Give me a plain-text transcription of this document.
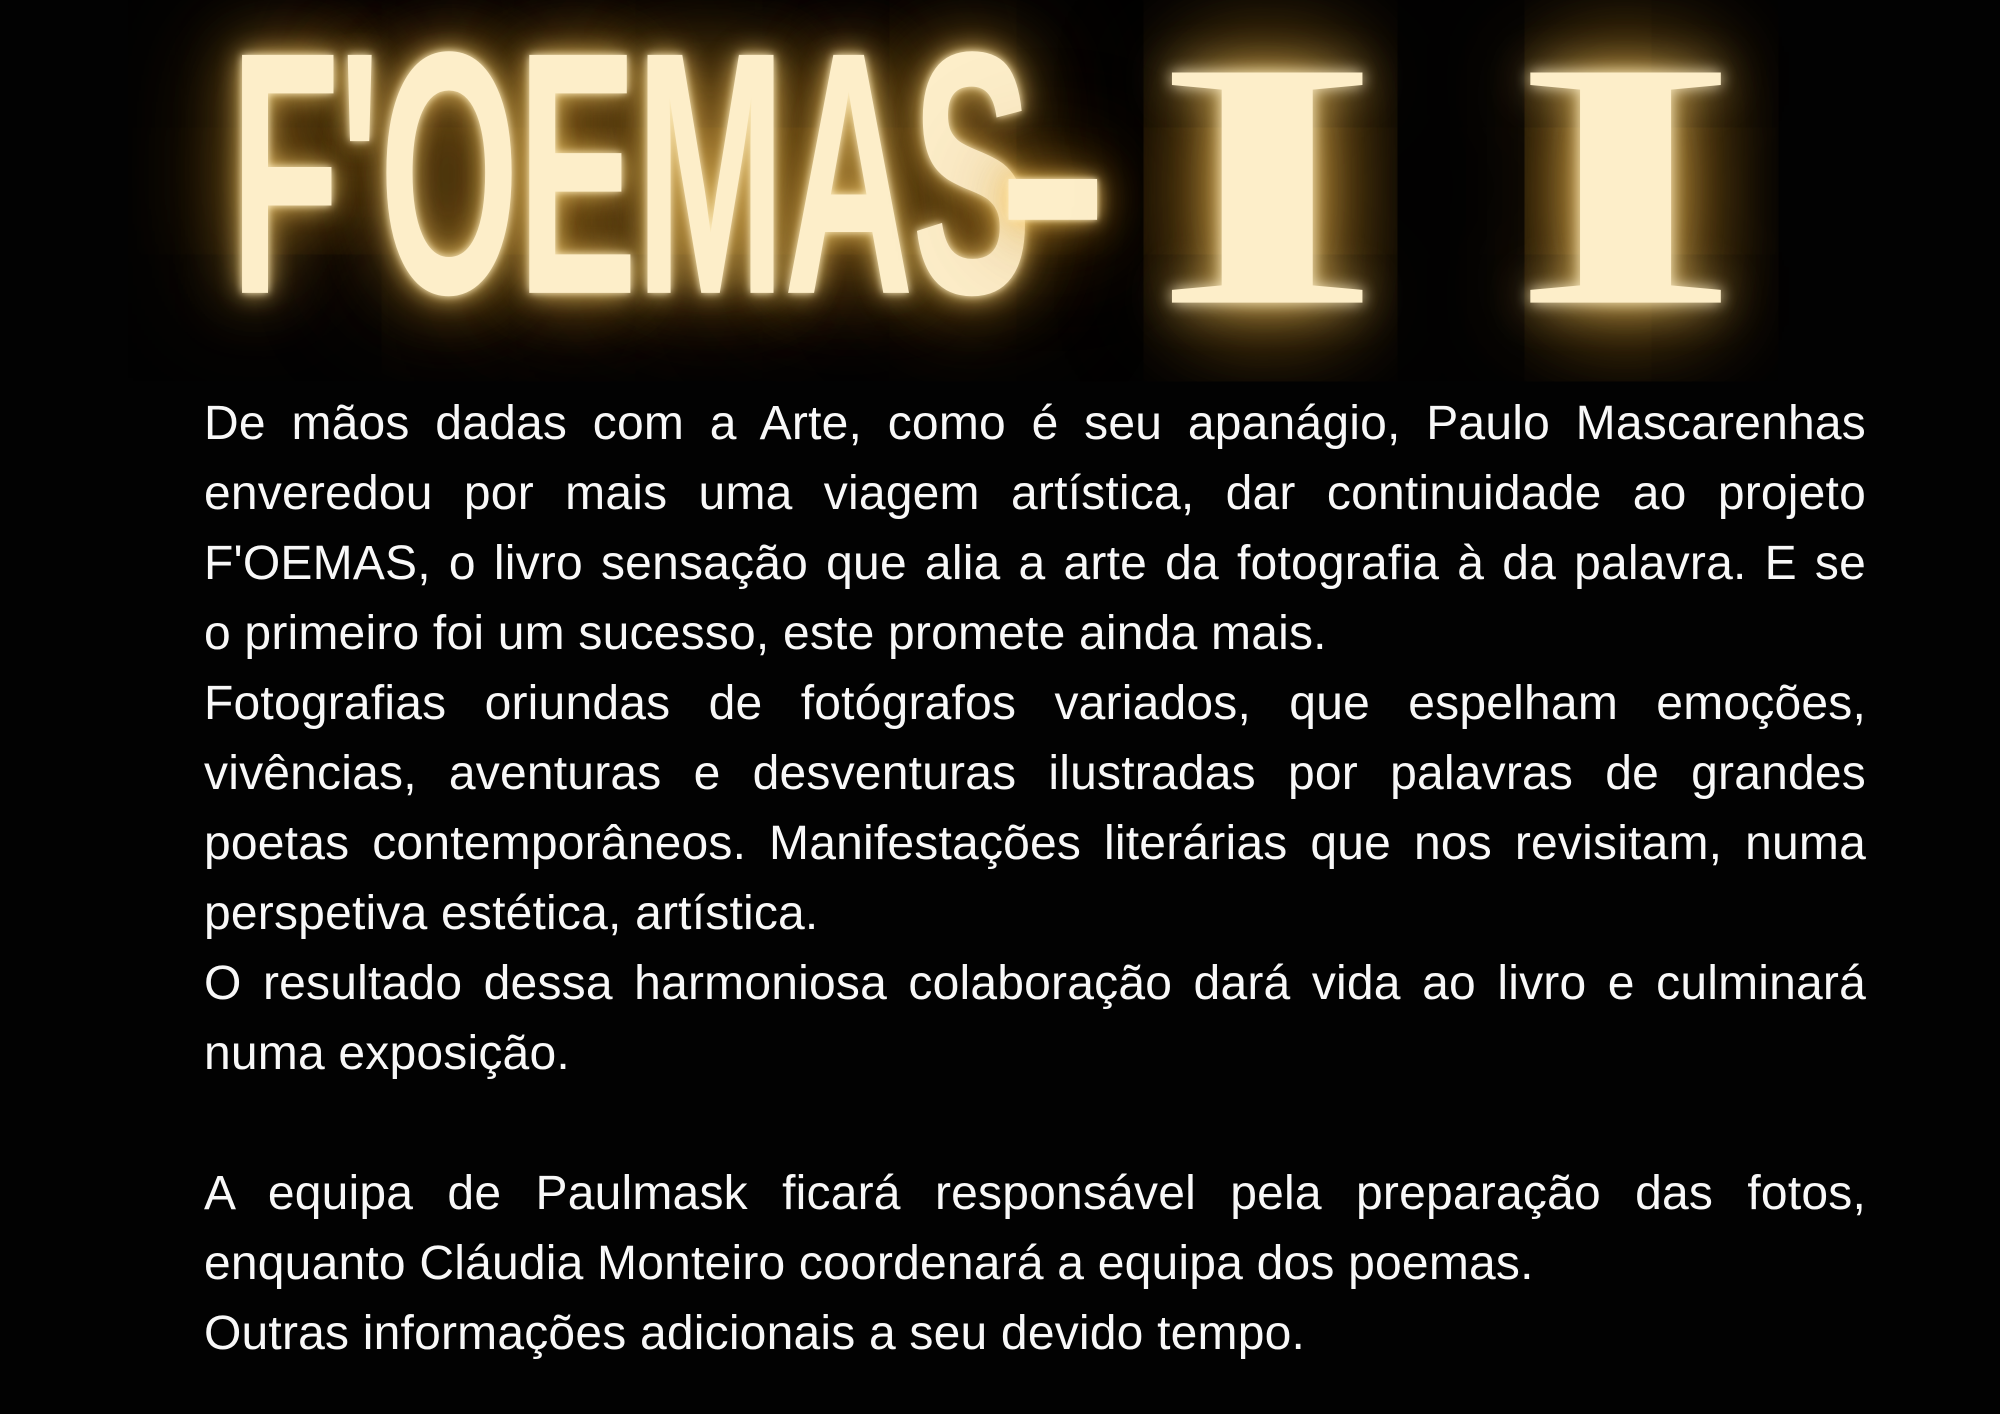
F'OEMAS
▬ II
De mãos dadas com a Arte, como é seu apanágio, Paulo Mascarenhas
enveredou por mais uma viagem artística, dar continuidade ao projeto
F'OEMAS, o livro sensação que alia a arte da fotografia à da palavra. E se
o primeiro foi um sucesso, este promete ainda mais.
Fotografias oriundas de fotógrafos variados, que espelham emoções,
vivências, aventuras e desventuras ilustradas por palavras de grandes
poetas contemporâneos. Manifestações literárias que nos revisitam, numa
perspetiva estética, artística.
O resultado dessa harmoniosa colaboração dará vida ao livro e culminará
numa exposição.

A equipa de Paulmask ficará responsável pela preparação das fotos,
enquanto Cláudia Monteiro coordenará a equipa dos poemas.
Outras informações adicionais a seu devido tempo.
